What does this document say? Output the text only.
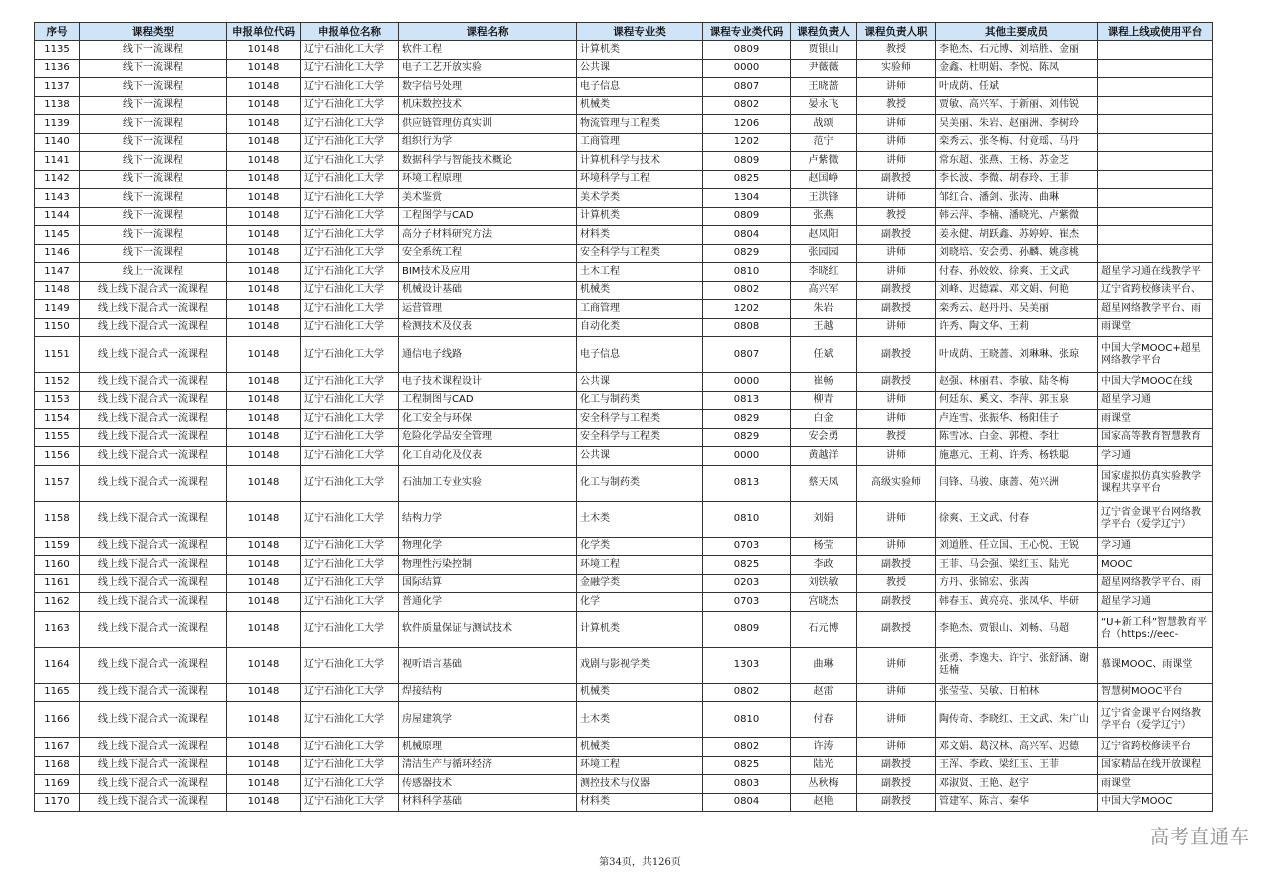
序号	课程类型	申报单位代码	申报单位名称	课程名称	课程专业类	课程专业类代码	课程负责人	课程负责人职	其他主要成员	课程上线或使用平台
1135	线下一流课程	10148	辽宁石油化工大学	软件工程	计算机类	0809	贾银山	教授	李艳杰、石元博、刘培胜、金丽	
1136	线下一流课程	10148	辽宁石油化工大学	电子工艺开放实验	公共课	0000	尹薇薇	实验师	金鑫、杜明娟、李悦、陈凤	
1137	线下一流课程	10148	辽宁石油化工大学	数字信号处理	电子信息	0807	王晓蔷	讲师	叶成荫、任斌	
1138	线下一流课程	10148	辽宁石油化工大学	机床数控技术	机械类	0802	晏永飞	教授	贾敏、高兴军、于新丽、刘伟锐	
1139	线下一流课程	10148	辽宁石油化工大学	供应链管理仿真实训	物流管理与工程类	1206	战颂	讲师	吴美丽、朱岩、赵丽洲、李树玲	
1140	线下一流课程	10148	辽宁石油化工大学	组织行为学	工商管理	1202	范宁	讲师	栾秀云、张冬梅、付竟瑶、马丹	
1141	线下一流课程	10148	辽宁石油化工大学	数据科学与智能技术概论	计算机科学与技术	0809	卢紫微	讲师	常东超、张燕、王杨、苏金芝	
1142	线下一流课程	10148	辽宁石油化工大学	环境工程原理	环境科学与工程	0825	赵国峥	副教授	李长波、李微、胡春玲、王菲	
1143	线下一流课程	10148	辽宁石油化工大学	美术鉴赏	美术学类	1304	王洪锋	讲师	邹红合、潘剑、张涛、曲琳	
1144	线下一流课程	10148	辽宁石油化工大学	工程图学与CAD	计算机类	0809	张燕	教授	韩云萍、李楠、潘晓光、卢紫微	
1145	线下一流课程	10148	辽宁石油化工大学	高分子材料研究方法	材料类	0804	赵凤阳	副教授	姜永健、胡跃鑫、苏婷婷、崔杰	
1146	线下一流课程	10148	辽宁石油化工大学	安全系统工程	安全科学与工程类	0829	张园园	讲师	刘晓培、安会勇、孙麟、姚彦桃	
1147	线上一流课程	10148	辽宁石油化工大学	BIM技术及应用	土木工程	0810	李晓红	讲师	付春、孙姣姣、徐爽、王文武	超星学习通在线教学平
1148	线上线下混合式一流课程	10148	辽宁石油化工大学	机械设计基础	机械类	0802	高兴军	副教授	刘峰、迟德霖、邓文娟、何艳	辽宁省跨校修读平台、
1149	线上线下混合式一流课程	10148	辽宁石油化工大学	运营管理	工商管理	1202	朱岩	副教授	栾秀云、赵丹丹、吴美丽	超星网络教学平台、雨
1150	线上线下混合式一流课程	10148	辽宁石油化工大学	检测技术及仪表	自动化类	0808	王越	讲师	许秀、陶文华、王莉	雨课堂
1151	线上线下混合式一流课程	10148	辽宁石油化工大学	通信电子线路	电子信息	0807	任斌	副教授	叶成荫、王晓蔷、刘琳琳、张琼	中国大学MOOC+超星网络教学平台
1152	线上线下混合式一流课程	10148	辽宁石油化工大学	电子技术课程设计	公共课	0000	崔畅	副教授	赵强、林丽君、李敏、陆冬梅	中国大学MOOC在线
1153	线上线下混合式一流课程	10148	辽宁石油化工大学	工程制图与CAD	化工与制药类	0813	柳青	讲师	何廷东、奚文、李萍、郭玉泉	超星学习通
1154	线上线下混合式一流课程	10148	辽宁石油化工大学	化工安全与环保	安全科学与工程类	0829	白金	讲师	卢连雪、张振华、杨阳佳子	雨课堂
1155	线上线下混合式一流课程	10148	辽宁石油化工大学	危险化学品安全管理	安全科学与工程类	0829	安会勇	教授	陈雪冰、白金、郭橙、李壮	国家高等教育智慧教育
1156	线上线下混合式一流课程	10148	辽宁石油化工大学	化工自动化及仪表	公共课	0000	黄越洋	讲师	施惠元、王莉、许秀、杨轶聪	学习通
1157	线上线下混合式一流课程	10148	辽宁石油化工大学	石油加工专业实验	化工与制药类	0813	蔡天凤	高级实验师	闫锋、马骏、康蔷、苑兴洲	国家虚拟仿真实验教学课程共享平台
1158	线上线下混合式一流课程	10148	辽宁石油化工大学	结构力学	土木类	0810	刘娟	讲师	徐爽、王文武、付春	辽宁省金课平台网络教学平台（爱学辽宁）
1159	线上线下混合式一流课程	10148	辽宁石油化工大学	物理化学	化学类	0703	杨莹	讲师	刘道胜、任立国、王心悦、王锐	学习通
1160	线上线下混合式一流课程	10148	辽宁石油化工大学	物理性污染控制	环境工程	0825	李政	副教授	王菲、马会强、梁红玉、陆光	MOOC
1161	线上线下混合式一流课程	10148	辽宁石油化工大学	国际结算	金融学类	0203	刘铁敏	教授	方丹、张锦宏、张茜	超星网络教学平台、雨
1162	线上线下混合式一流课程	10148	辽宁石油化工大学	普通化学	化学	0703	宫晓杰	副教授	韩春玉、黄亮亮、张凤华、毕研	超星学习通
1163	线上线下混合式一流课程	10148	辽宁石油化工大学	软件质量保证与测试技术	计算机类	0809	石元博	副教授	李艳杰、贾银山、刘畅、马超	“U+新工科”智慧教育平台（https://eec-
1164	线上线下混合式一流课程	10148	辽宁石油化工大学	视听语言基础	戏剧与影视学类	1303	曲琳	讲师	张勇、李逸夫、许宁、张舒涵、谢廷楠	慕课MOOC、雨课堂
1165	线上线下混合式一流课程	10148	辽宁石油化工大学	焊接结构	机械类	0802	赵雷	讲师	张莹莹、吴敏、日柏林	智慧树MOOC平台
1166	线上线下混合式一流课程	10148	辽宁石油化工大学	房屋建筑学	土木类	0810	付春	讲师	陶传奇、李晓红、王文武、朱广山	辽宁省金课平台网络教学平台（爱学辽宁）
1167	线上线下混合式一流课程	10148	辽宁石油化工大学	机械原理	机械类	0802	许涛	讲师	邓文娟、葛汉林、高兴军、迟德	辽宁省跨校修读平台
1168	线上线下混合式一流课程	10148	辽宁石油化工大学	清洁生产与循环经济	环境工程	0825	陆光	副教授	王浑、李政、梁红玉、王菲	国家精品在线开放课程
1169	线上线下混合式一流课程	10148	辽宁石油化工大学	传感器技术	测控技术与仪器	0803	丛秋梅	副教授	邓淑贤、王艳、赵宇	雨课堂
1170	线上线下混合式一流课程	10148	辽宁石油化工大学	材料科学基础	材料类	0804	赵艳	副教授	管建军、陈言、秦华	中国大学MOOC
高考直通车
第34页，共126页
